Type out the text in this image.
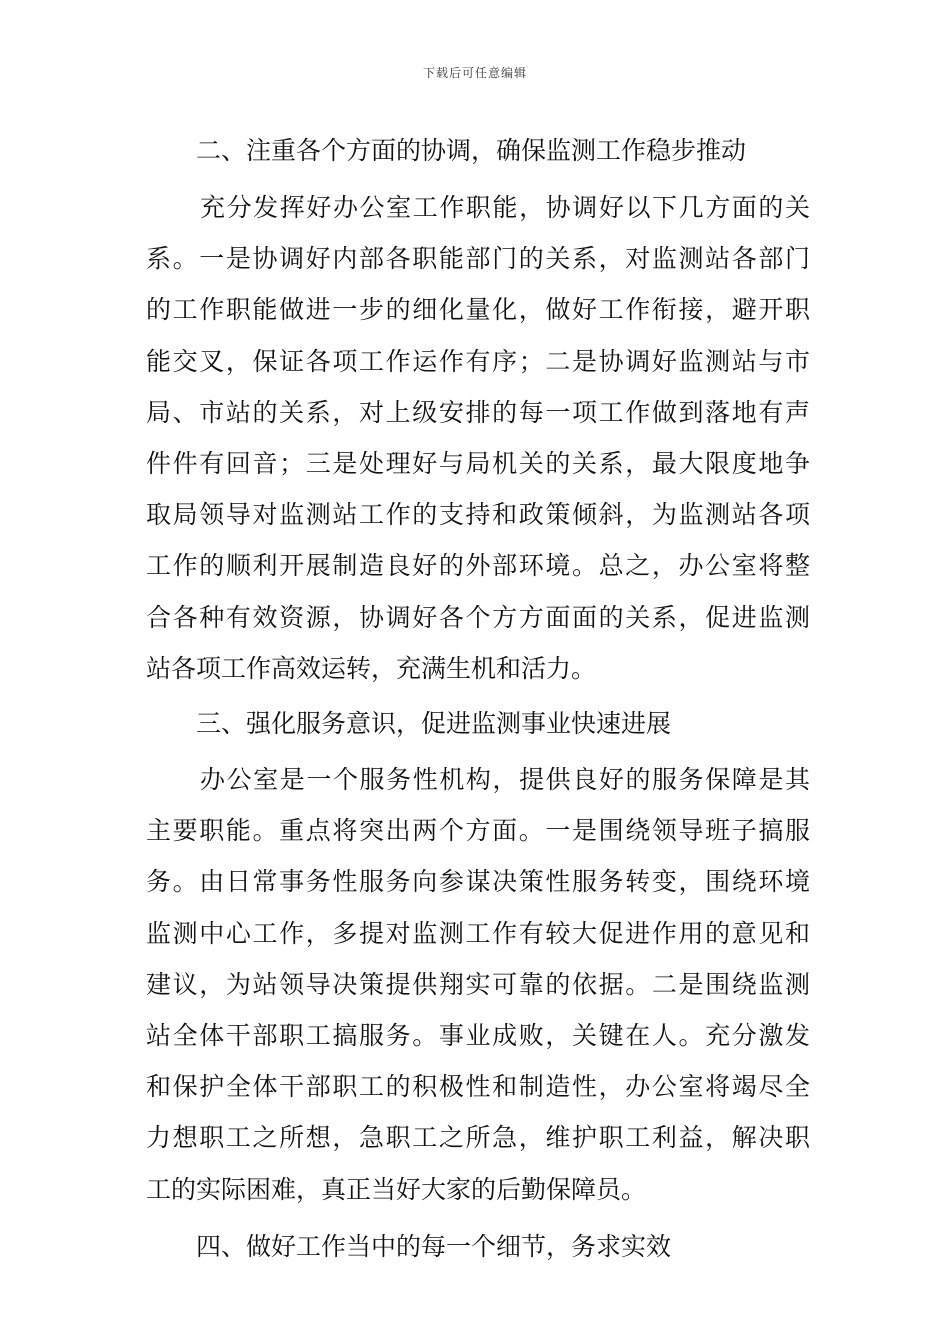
下载后可任意编辑

二、注重各个方面的协调，确保监测工作稳步推动

充分发挥好办公室工作职能，协调好以下几方面的关
系。一是协调好内部各职能部门的关系，对监测站各部门
的工作职能做进一步的细化量化，做好工作衔接，避开职
能交叉，保证各项工作运作有序；二是协调好监测站与市
局、市站的关系，对上级安排的每一项工作做到落地有声
件件有回音；三是处理好与局机关的关系，最大限度地争
取局领导对监测站工作的支持和政策倾斜，为监测站各项
工作的顺利开展制造良好的外部环境。总之，办公室将整
合各种有效资源，协调好各个方方面面的关系，促进监测
站各项工作高效运转，充满生机和活力。

三、强化服务意识，促进监测事业快速进展

办公室是一个服务性机构，提供良好的服务保障是其
主要职能。重点将突出两个方面。一是围绕领导班子搞服
务。由日常事务性服务向参谋决策性服务转变，围绕环境
监测中心工作，多提对监测工作有较大促进作用的意见和
建议，为站领导决策提供翔实可靠的依据。二是围绕监测
站全体干部职工搞服务。事业成败，关键在人。充分激发
和保护全体干部职工的积极性和制造性，办公室将竭尽全
力想职工之所想，急职工之所急，维护职工利益，解决职
工的实际困难，真正当好大家的后勤保障员。

四、做好工作当中的每一个细节，务求实效
